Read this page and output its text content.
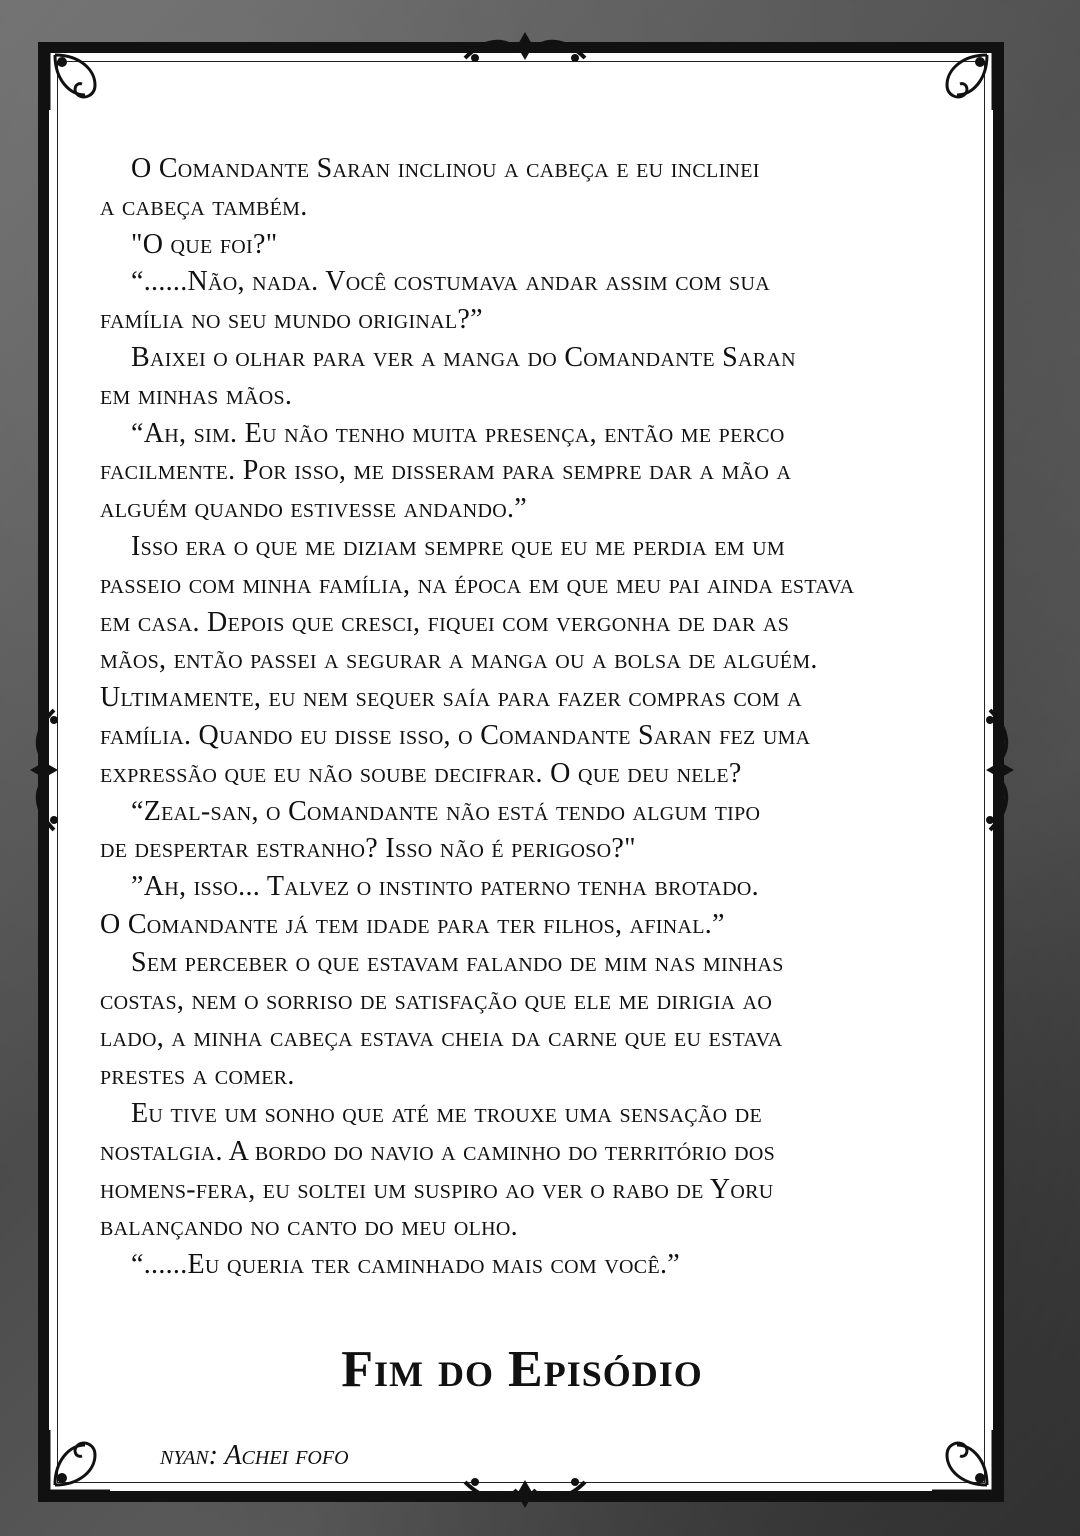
O Comandante Saran inclinou a cabeça e eu inclinei
a cabeça também.

"O que foi?"

“......Não, nada. Você costumava andar assim com sua
família no seu mundo original?”

Baixei o olhar para ver a manga do Comandante Saran
em minhas mãos.

“Ah, sim. Eu não tenho muita presença, então me perco
facilmente. Por isso, me disseram para sempre dar a mão a
alguém quando estivesse andando.”

Isso era o que me diziam sempre que eu me perdia em um
passeio com minha família, na época em que meu pai ainda estava
em casa. Depois que cresci, fiquei com vergonha de dar as
mãos, então passei a segurar a manga ou a bolsa de alguém.
Ultimamente, eu nem sequer saía para fazer compras com a
família. Quando eu disse isso, o Comandante Saran fez uma
expressão que eu não soube decifrar. O que deu nele?

“Zeal-san, o Comandante não está tendo algum tipo
de despertar estranho? Isso não é perigoso?"

”Ah, isso... Talvez o instinto paterno tenha brotado.
O Comandante já tem idade para ter filhos, afinal.”

Sem perceber o que estavam falando de mim nas minhas
costas, nem o sorriso de satisfação que ele me dirigia ao
lado, a minha cabeça estava cheia da carne que eu estava
prestes a comer.

Eu tive um sonho que até me trouxe uma sensação de
nostalgia. A bordo do navio a caminho do território dos
homens-fera, eu soltei um suspiro ao ver o rabo de Yoru
balançando no canto do meu olho.

“......Eu queria ter caminhado mais com você.”

Fim do Episódio
nyan: Achei fofo
